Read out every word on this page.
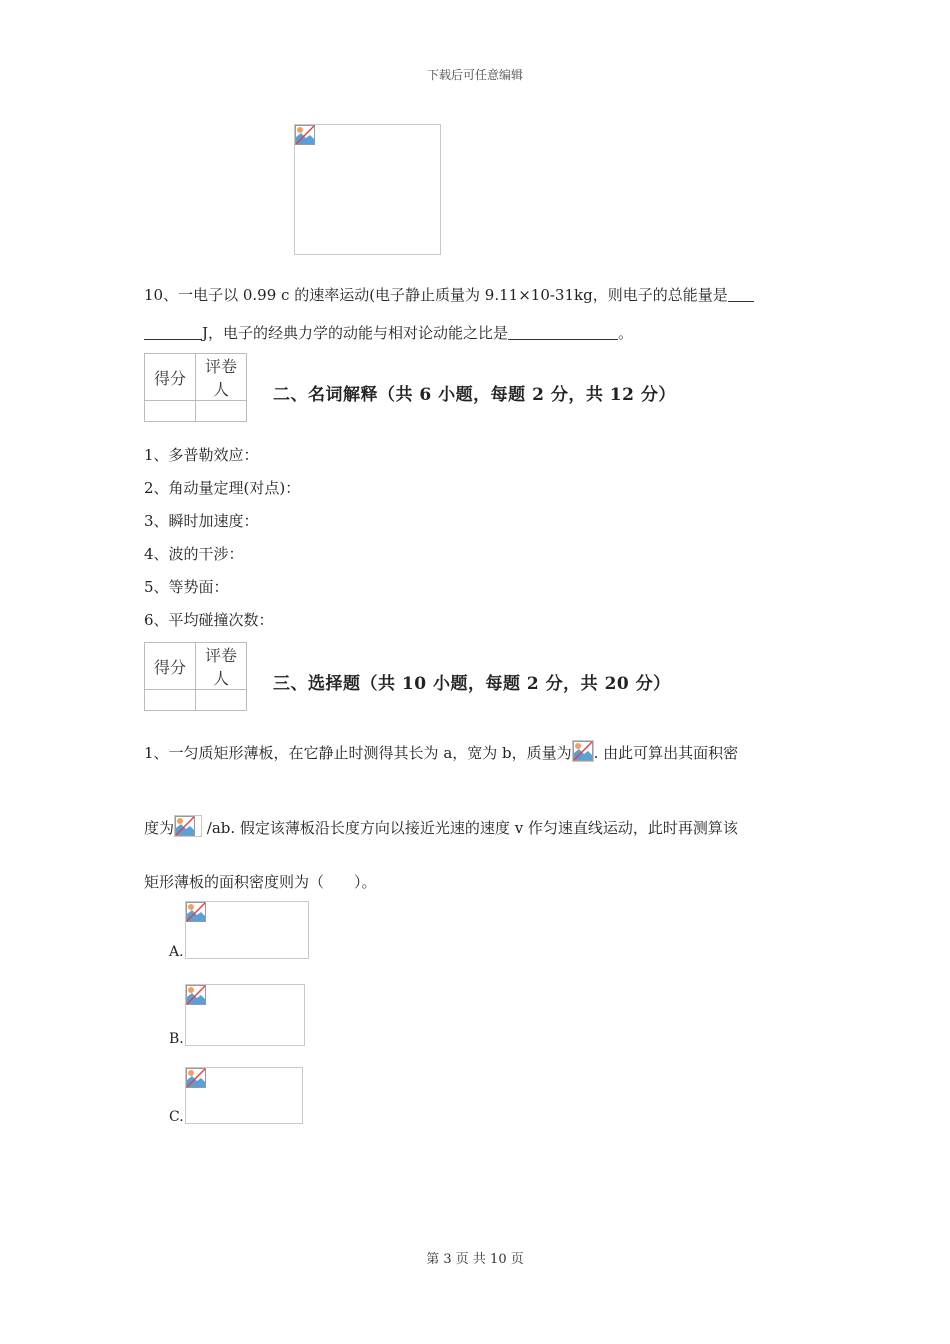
下载后可任意编辑
10、一电子以 0.99 c 的速率运动(电子静止质量为 9.11×10-31kg，则电子的总能量是
J，电子的经典力学的动能与相对论动能之比是	。
得分	评卷人
		二、名词解释（共 6 小题，每题 2 分，共 12 分）
1、多普勒效应：
2、角动量定理(对点)：
3、瞬时加速度：
4、波的干涉：
5、等势面：
6、平均碰撞次数：
得分	评卷人
		三、选择题（共 10 小题，每题 2 分，共 20 分）
1、一匀质矩形薄板，在它静止时测得其长为 a，宽为 b，质量为 . 由此可算出其面积密
度为
/ab. 假定该薄板沿长度方向以接近光速的速度 v 作匀速直线运动，此时再测算该
矩形薄板的面积密度则为（　　）。
A.
B.
C.
第 3 页 共 10 页
